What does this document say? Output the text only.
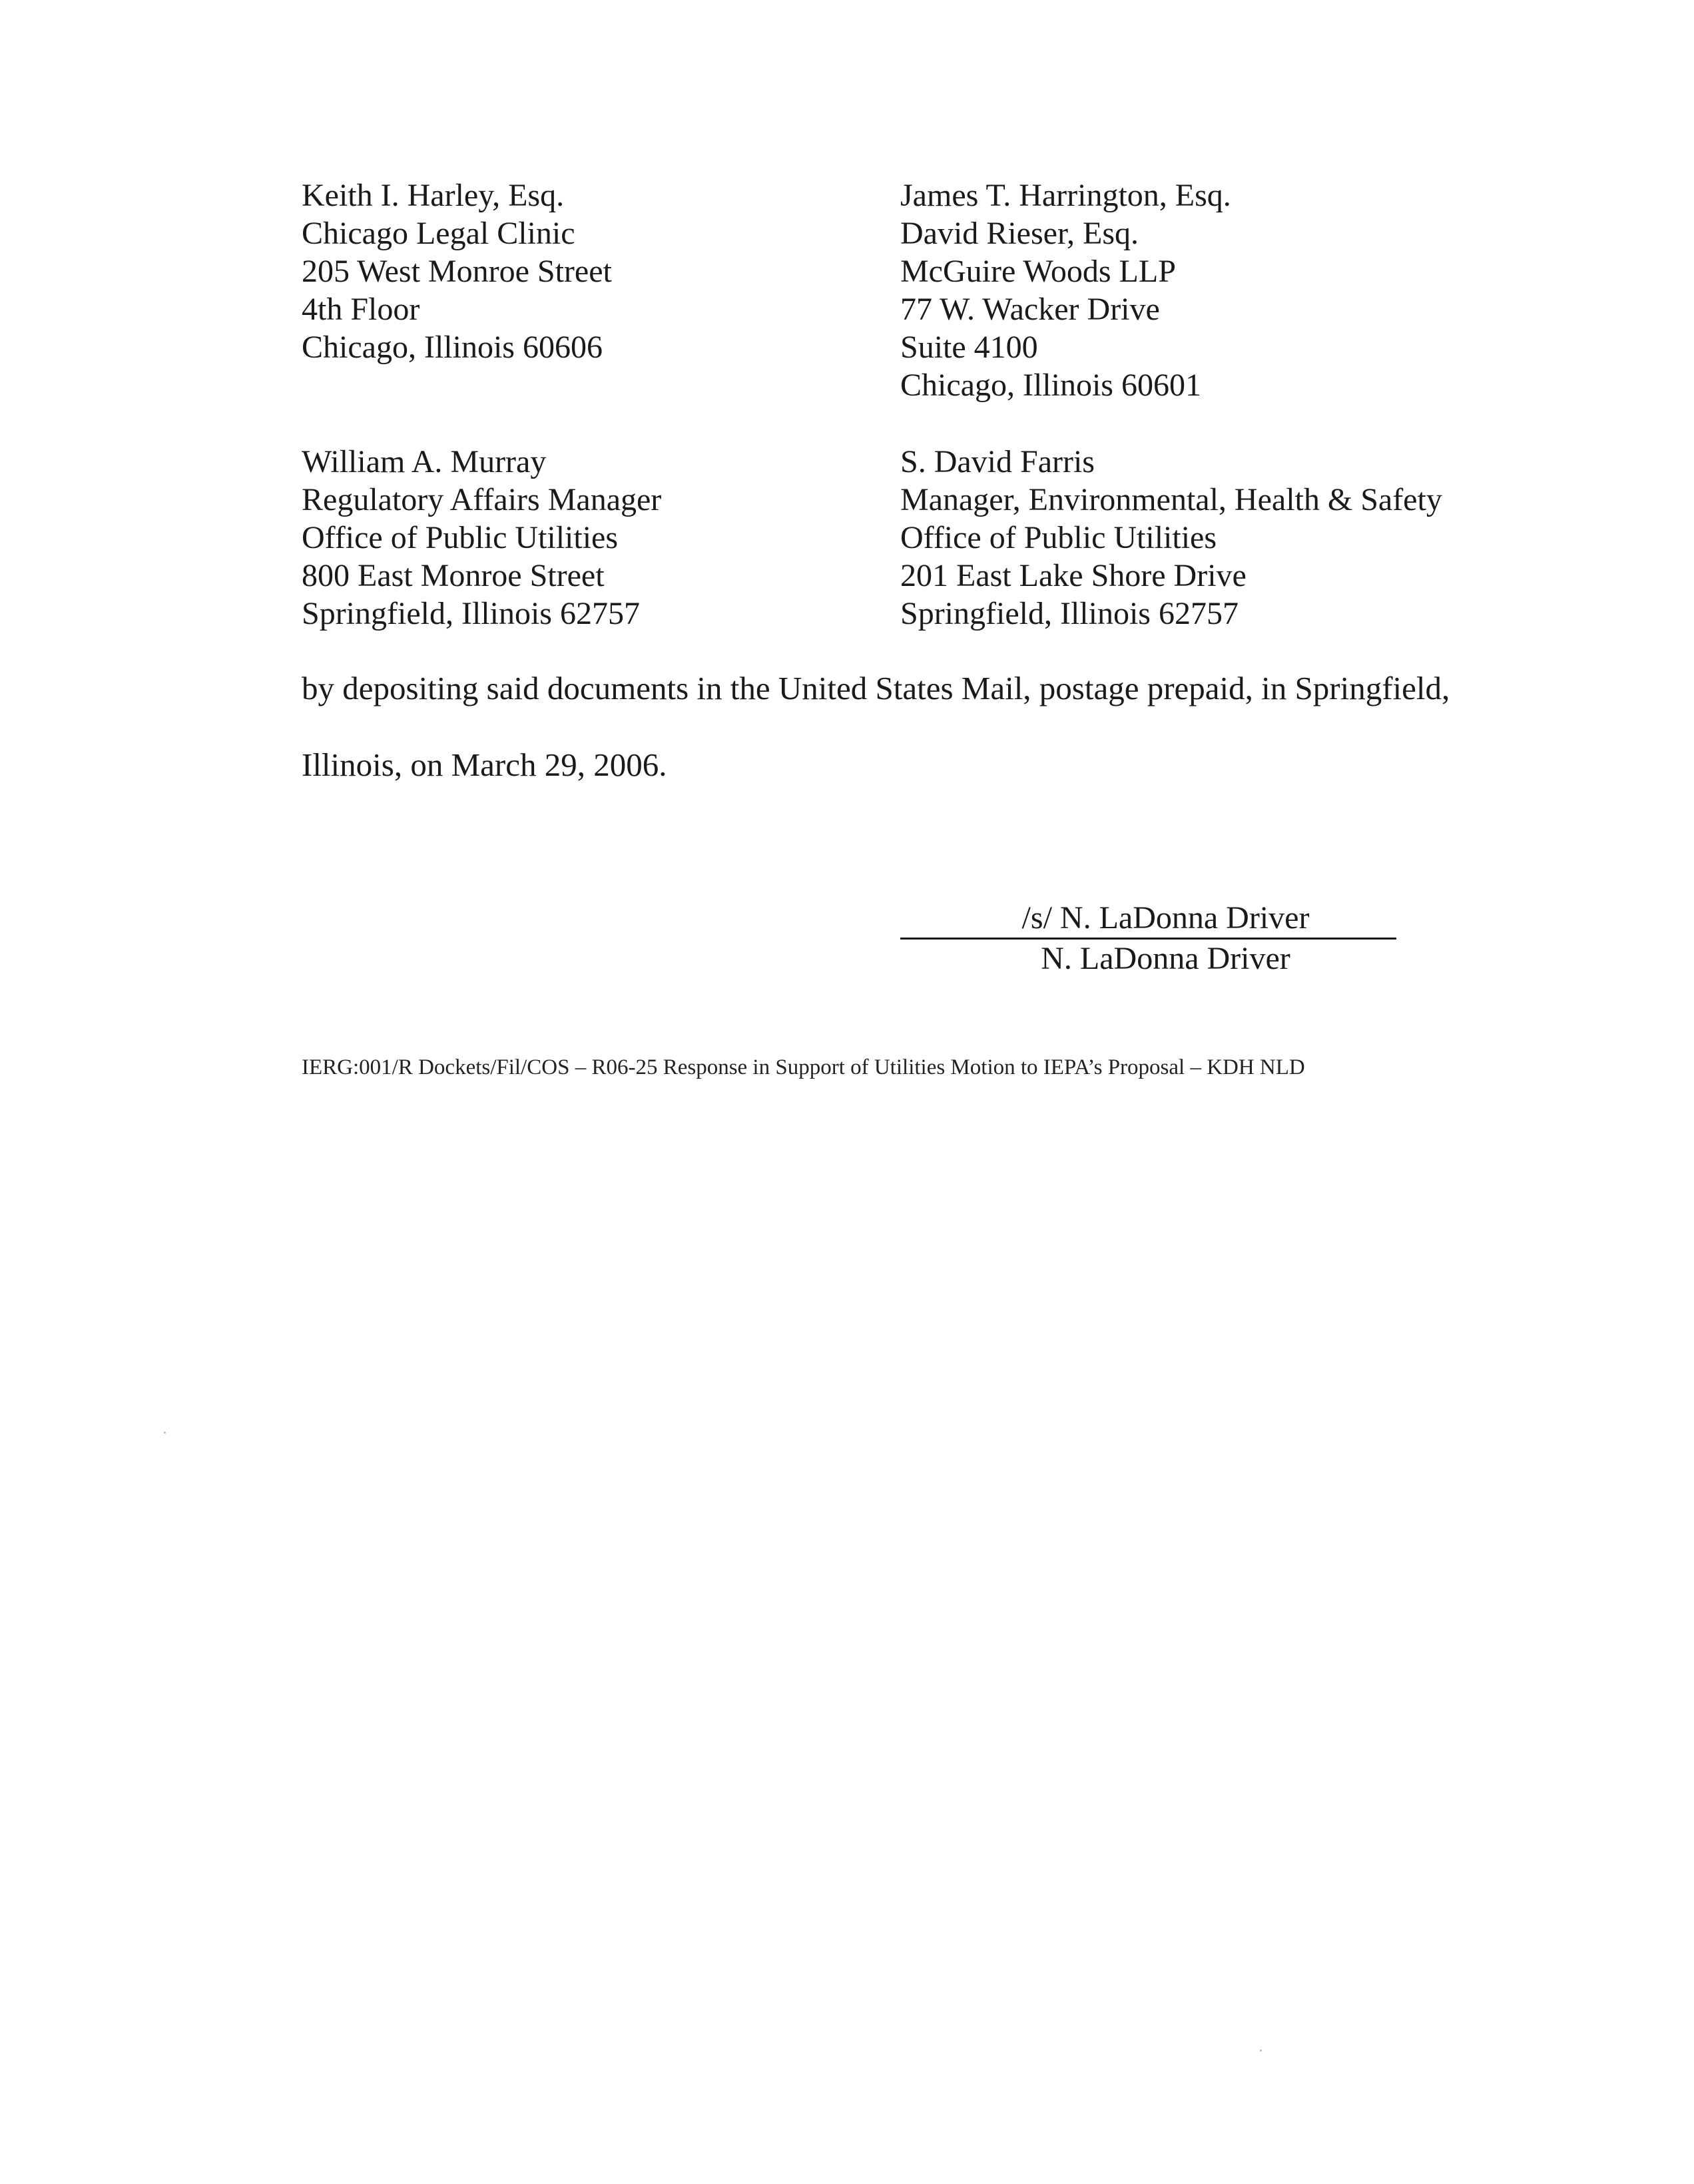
Keith I. Harley, Esq.
Chicago Legal Clinic
205 West Monroe Street
4th Floor
Chicago, Illinois 60606
James T. Harrington, Esq.
David Rieser, Esq.
McGuire Woods LLP
77 W. Wacker Drive
Suite 4100
Chicago, Illinois 60601
William A. Murray
Regulatory Affairs Manager
Office of Public Utilities
800 East Monroe Street
Springfield, Illinois 62757
S. David Farris
Manager, Environmental, Health & Safety
Office of Public Utilities
201 East Lake Shore Drive
Springfield, Illinois 62757
by depositing said documents in the United States Mail, postage prepaid, in Springfield,
Illinois, on March 29, 2006.
/s/ N. LaDonna Driver
N. LaDonna Driver
IERG:001/R Dockets/Fil/COS – R06-25 Response in Support of Utilities Motion to IEPA’s Proposal – KDH NLD
